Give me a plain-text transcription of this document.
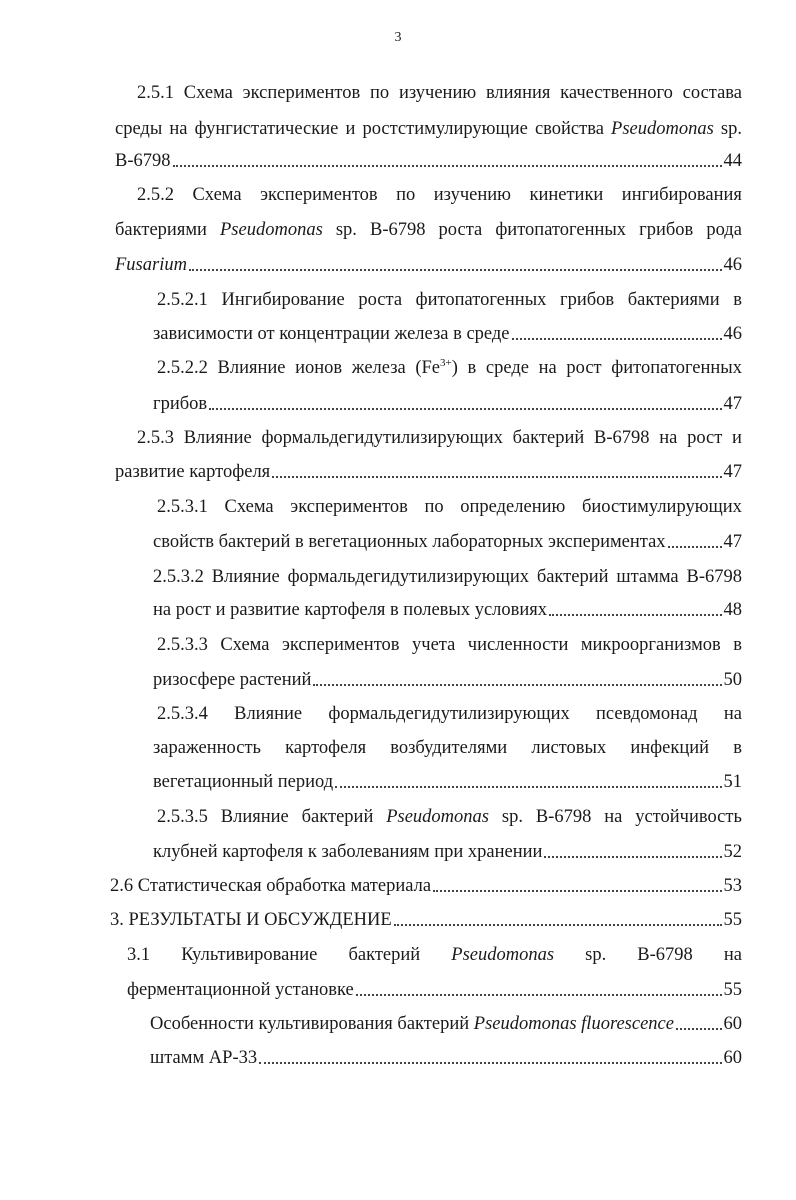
3
2.5.1 Схема экспериментов по изучению влияния качественного состава
среды на фунгистатические и ростстимулирующие свойства Pseudomonas sp.
В-6798	44
2.5.2 Схема экспериментов по изучению кинетики ингибирования
бактериями Pseudomonas sp. В-6798 роста фитопатогенных грибов рода
Fusarium	46
2.5.2.1 Ингибирование роста фитопатогенных грибов бактериями в
зависимости от концентрации железа в среде	46
2.5.2.2 Влияние ионов железа $(Fe^{3+})$ в среде на рост фитопатогенных
грибов	47
2.5.3 Влияние формальдегидутилизирующих бактерий В-6798 на рост и
развитие картофеля	47
2.5.3.1 Схема экспериментов по определению биостимулирующих
свойств бактерий в вегетационных лабораторных экспериментах	47
2.5.3.2 Влияние формальдегидутилизирующих бактерий штамма В-6798
на рост и развитие картофеля в полевых условиях	48
2.5.3.3 Схема экспериментов учета численности микроорганизмов в
ризосфере растений	50
2.5.3.4 Влияние формальдегидутилизирующих псевдомонад на
зараженность картофеля возбудителями листовых инфекций в
вегетационный период	51
2.5.3.5 Влияние бактерий Pseudomonas sp. В-6798 на устойчивость
клубней картофеля к заболеваниям при хранении	52
2.6 Статистическая обработка материала	53
3. РЕЗУЛЬТАТЫ И ОБСУЖДЕНИЕ	55
3.1 Культивирование бактерий Pseudomonas sp. В-6798 на
ферментационной установке	55
Особенности культивирования бактерий Pseudomonas fluorescence	60
штамм АР-33	60
